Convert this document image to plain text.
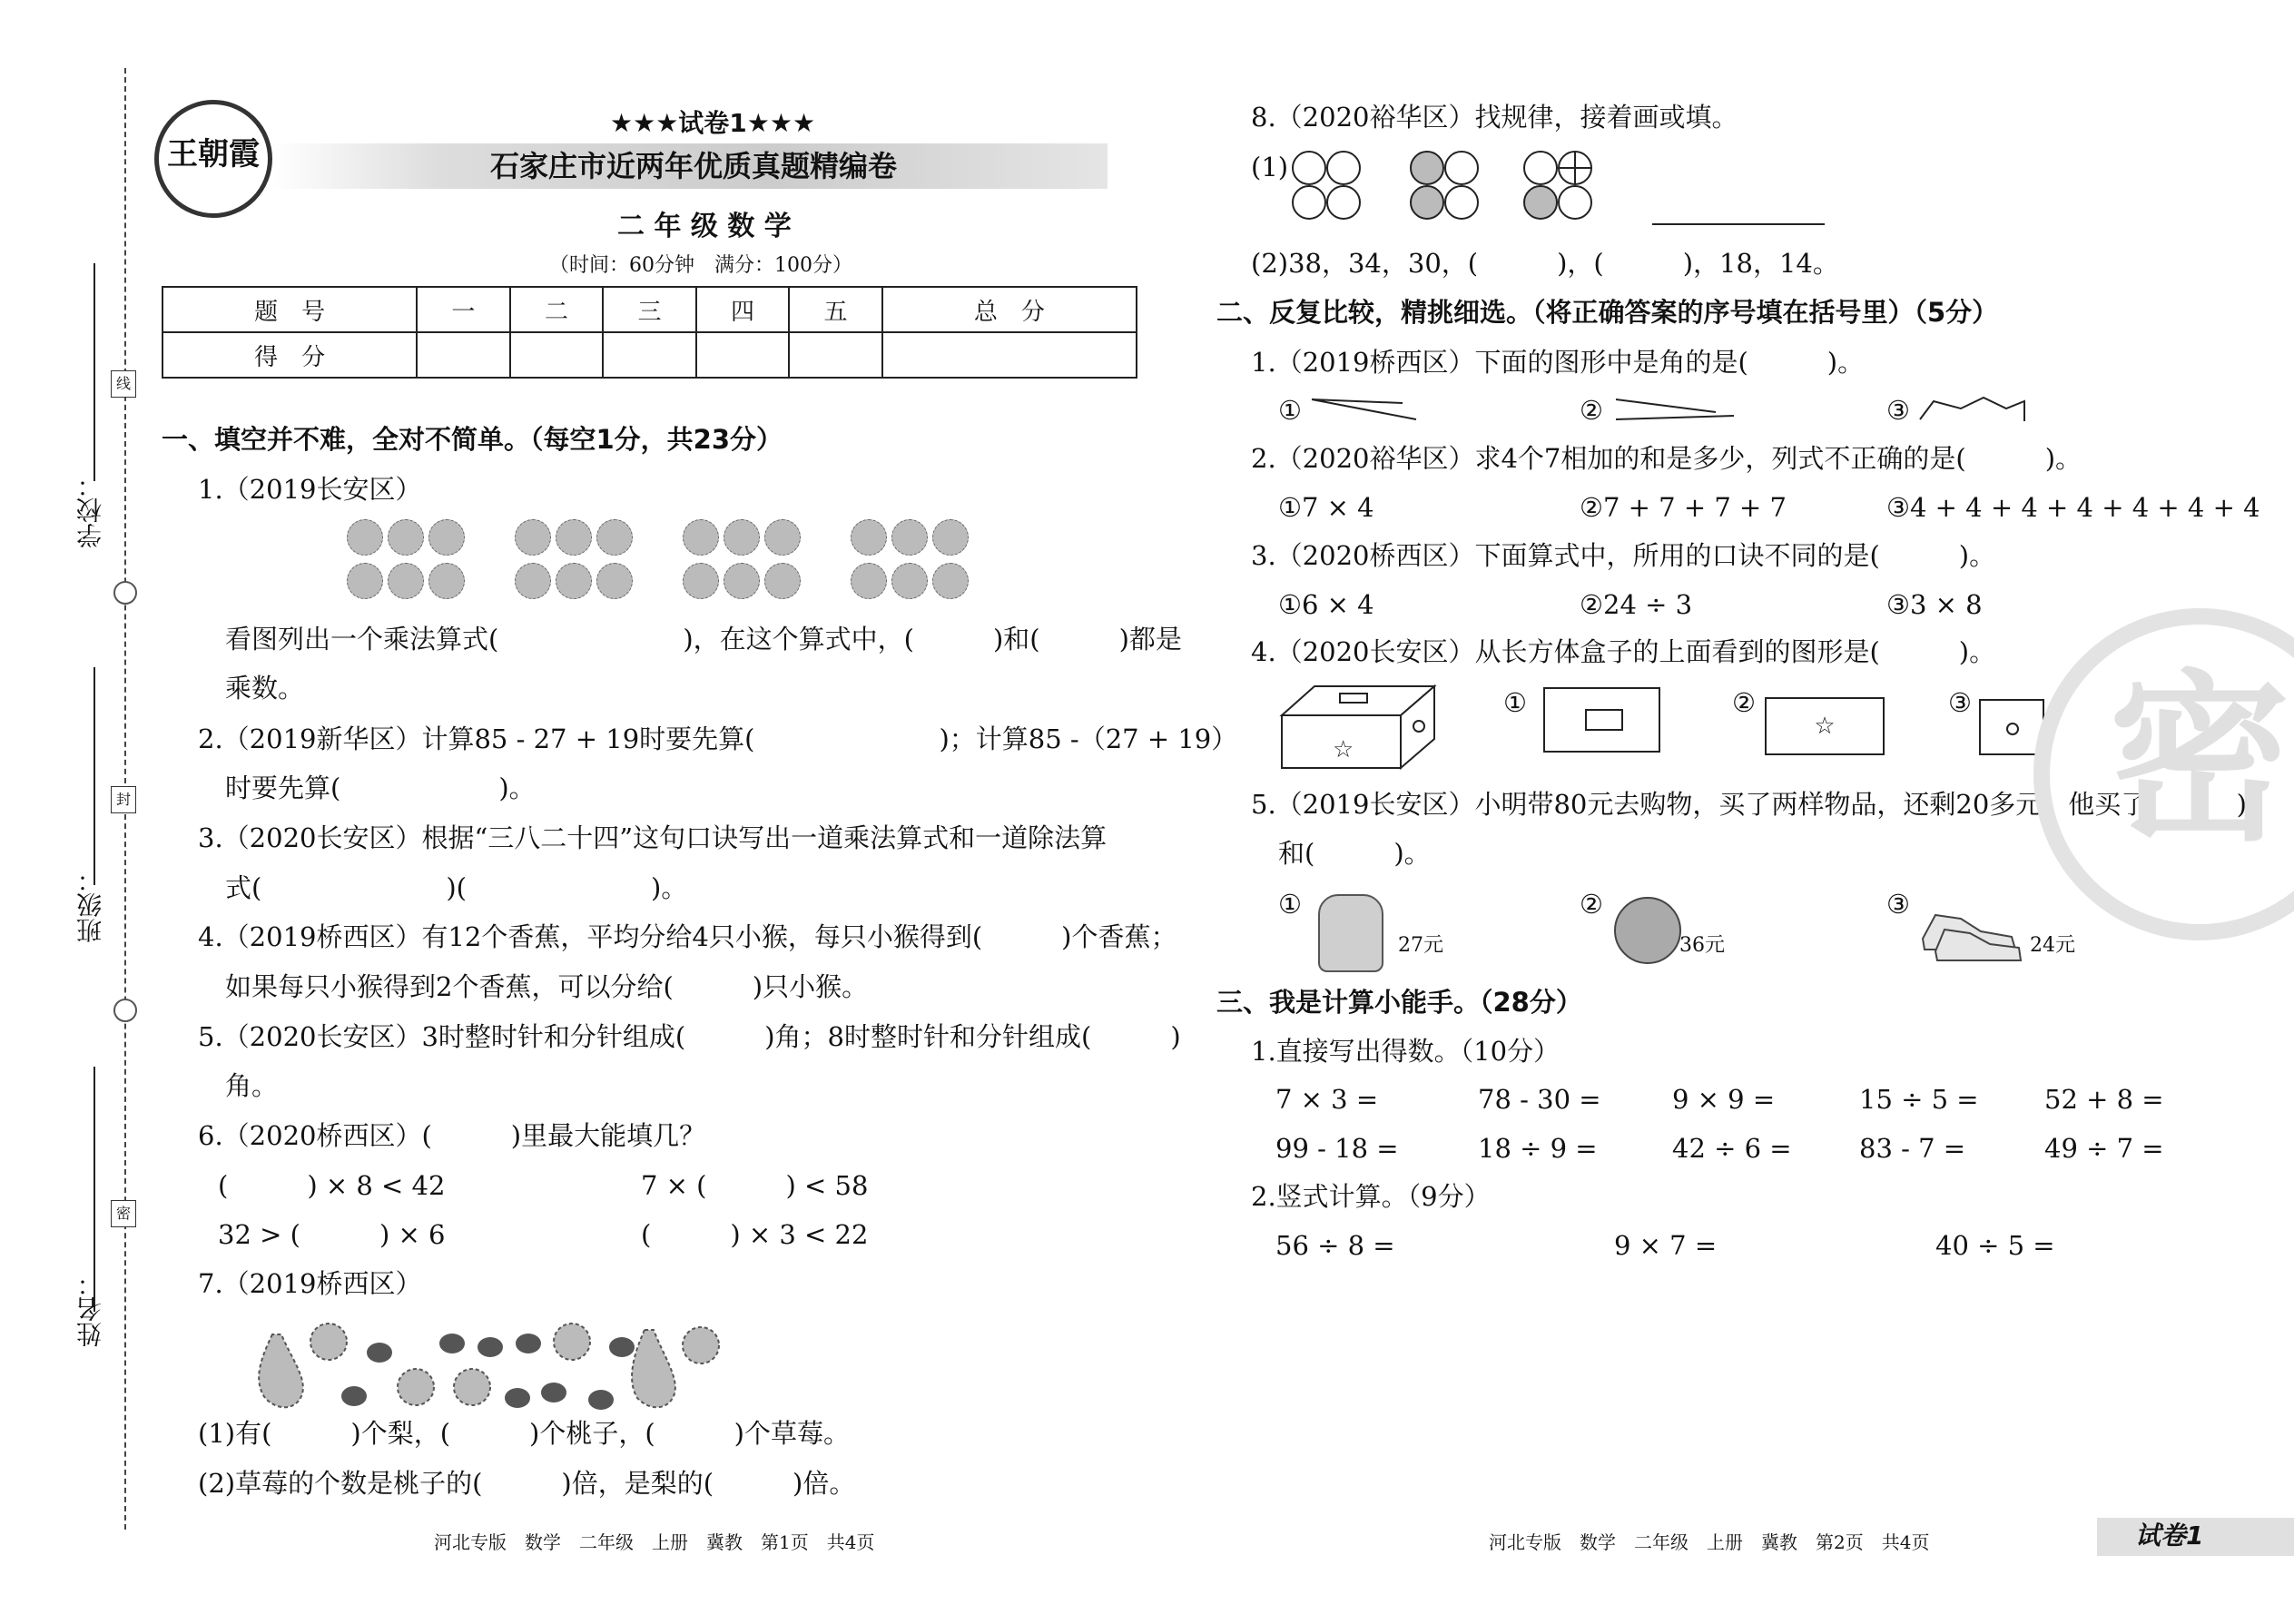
学校：
班级：
姓名：
线
封
密
王朝霞
★★★试卷1★★★
石家庄市近两年优质真题精编卷
二 年 级 数 学
（时间：60分钟　满分：100分）
题　号	一	二	三	四	五	总　分
得　分						
一、填空并不难，全对不简单。（每空1分，共23分）
1.（2019长安区）
看图列出一个乘法算式(　　　　　　　)，在这个算式中，(　　　)和(　　　)都是
乘数。
2.（2019新华区）计算85 - 27 + 19时要先算(　　　　　　　)；计算85 -（27 + 19）
时要先算(　　　　　　)。
3.（2020长安区）根据“三八二十四”这句口诀写出一道乘法算式和一道除法算
式(　　　　　　　)(　　　　　　　)。
4.（2019桥西区）有12个香蕉，平均分给4只小猴，每只小猴得到(　　　)个香蕉；
如果每只小猴得到2个香蕉，可以分给(　　　)只小猴。
5.（2020长安区）3时整时针和分针组成(　　　)角；8时整时针和分针组成(　　　)
角。
6.（2020桥西区）(　　　)里最大能填几？
(　　　) × 8 < 42	7 × (　　　) < 58
32 > (　　　) × 6	(　　　) × 3 < 22
7.（2019桥西区）
(1)有(　　　)个梨，(　　　)个桃子，(　　　)个草莓。
(2)草莓的个数是桃子的(　　　)倍，是梨的(　　　)倍。
8.（2020裕华区）找规律，接着画或填。
(1)
(2)38，34，30，(　　　)，(　　　)，18，14。
二、反复比较，精挑细选。（将正确答案的序号填在括号里）（5分）
1.（2019桥西区）下面的图形中是角的是(　　　)。
①	②	③
2.（2020裕华区）求4个7相加的和是多少，列式不正确的是(　　　)。
①7 × 4	②7 + 7 + 7 + 7	③4 + 4 + 4 + 4 + 4 + 4 + 4
3.（2020桥西区）下面算式中，所用的口诀不同的是(　　　)。
①6 × 4	②24 ÷ 3	③3 × 8
4.（2020长安区）从长方体盒子的上面看到的图形是(　　　)。
☆
①	②
☆
③
5.（2019长安区）小明带80元去购物，买了两样物品，还剩20多元，他买了(　　　)
和(　　　)。
①
27元
②
36元
③
24元
三、我是计算小能手。（28分）
1.直接写出得数。（10分）
7 × 3 =	78 - 30 =	9 × 9 =	15 ÷ 5 = 52 + 8 =
99 - 18 =	18 ÷ 9 =	42 ÷ 6 =	83 - 7 =	49 ÷ 7 =
2.竖式计算。（9分）
56 ÷ 8 =	9 × 7 =	40 ÷ 5 =
密
河北专版　数学　二年级　上册　冀教　第1页　共4页	河北专版　数学　二年级　上册　冀教　第2页　共4页	试卷1
